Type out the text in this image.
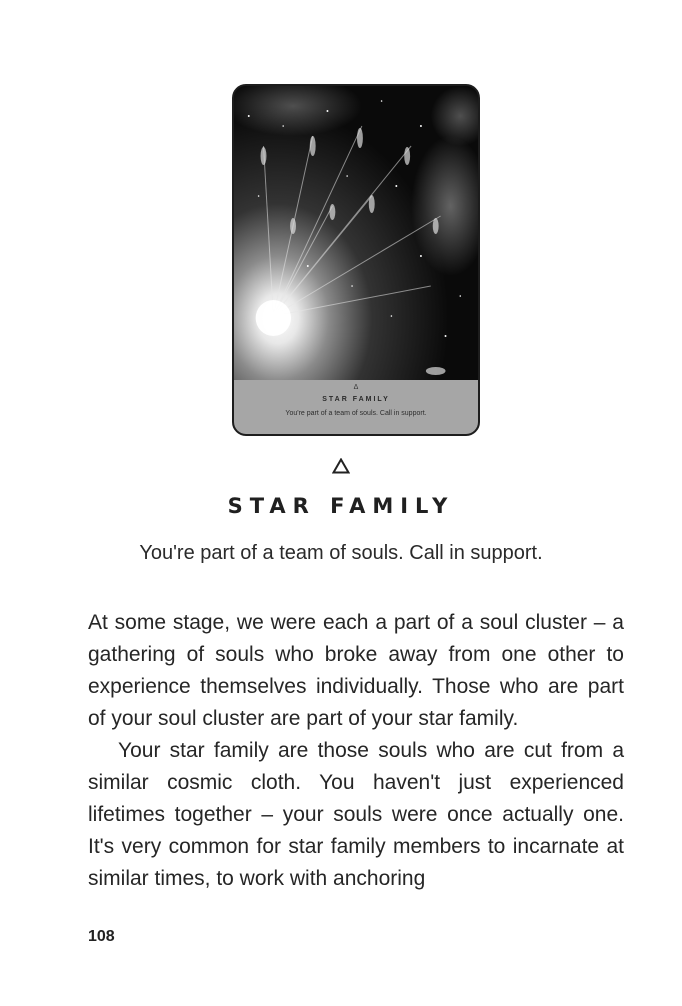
Δ
STAR FAMILY
You're part of a team of souls. Call in support.
STAR FAMILY
You're part of a team of souls. Call in support.

At some stage, we were each a part of a soul cluster – a gathering of souls who broke away from one other to experience themselves individually. Those who are part of your soul cluster are part of your star family.

Your star family are those souls who are cut from a similar cosmic cloth. You haven't just experienced lifetimes together – your souls were once actually one. It's very common for star family members to incarnate at similar times, to work with anchoring

108
